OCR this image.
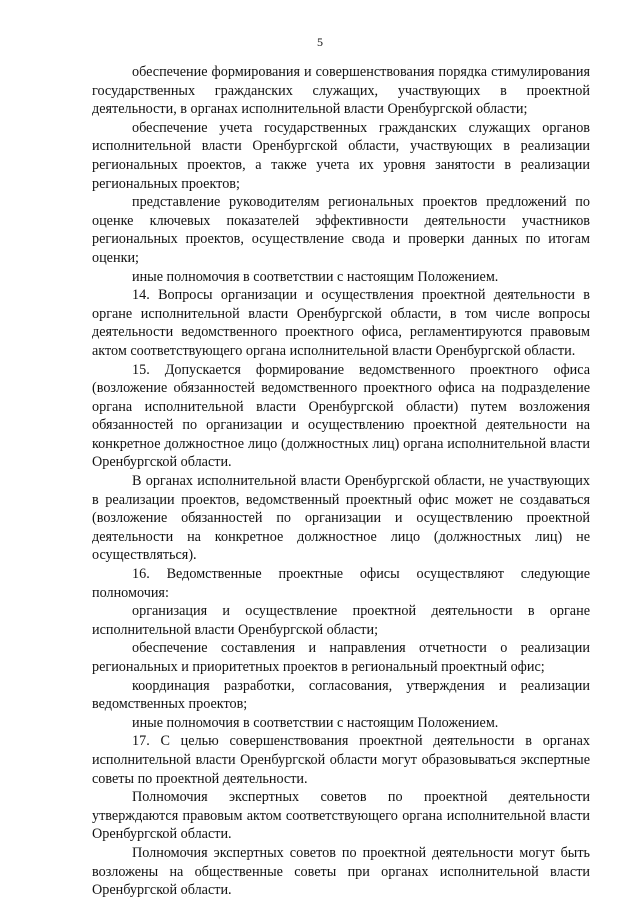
5

обеспечение формирования и совершенствования порядка стимулирования государственных гражданских служащих, участвующих в проектной деятельности, в органах исполнительной власти Оренбургской области;

обеспечение учета государственных гражданских служащих органов исполнительной власти Оренбургской области, участвующих в реализации региональных проектов, а также учета их уровня занятости в реализации региональных проектов;

представление руководителям региональных проектов предложений по оценке ключевых показателей эффективности деятельности участников региональных проектов, осуществление свода и проверки данных по итогам оценки;

иные полномочия в соответствии с настоящим Положением.

14. Вопросы организации и осуществления проектной деятельности в органе исполнительной власти Оренбургской области, в том числе вопросы деятельности ведомственного проектного офиса, регламентируются правовым актом соответствующего органа исполнительной власти Оренбургской области.

15. Допускается формирование ведомственного проектного офиса (возложение обязанностей ведомственного проектного офиса на подразделение органа исполнительной власти Оренбургской области) путем возложения обязанностей по организации и осуществлению проектной деятельности на конкретное должностное лицо (должностных лиц) органа исполнительной власти Оренбургской области.

В органах исполнительной власти Оренбургской области, не участвующих в реализации проектов, ведомственный проектный офис может не создаваться (возложение обязанностей по организации и осуществлению проектной деятельности на конкретное должностное лицо (должностных лиц) не осуществляться).

16. Ведомственные проектные офисы осуществляют следующие полномочия:

организация и осуществление проектной деятельности в органе исполнительной власти Оренбургской области;

обеспечение составления и направления отчетности о реализации региональных и приоритетных проектов в региональный проектный офис;

координация разработки, согласования, утверждения и реализации ведомственных проектов;

иные полномочия в соответствии с настоящим Положением.

17. С целью совершенствования проектной деятельности в органах исполнительной власти Оренбургской области могут образовываться экспертные советы по проектной деятельности.

Полномочия экспертных советов по проектной деятельности утверждаются правовым актом соответствующего органа исполнительной власти Оренбургской области.

Полномочия экспертных советов по проектной деятельности могут быть возложены на общественные советы при органах исполнительной власти Оренбургской области.
